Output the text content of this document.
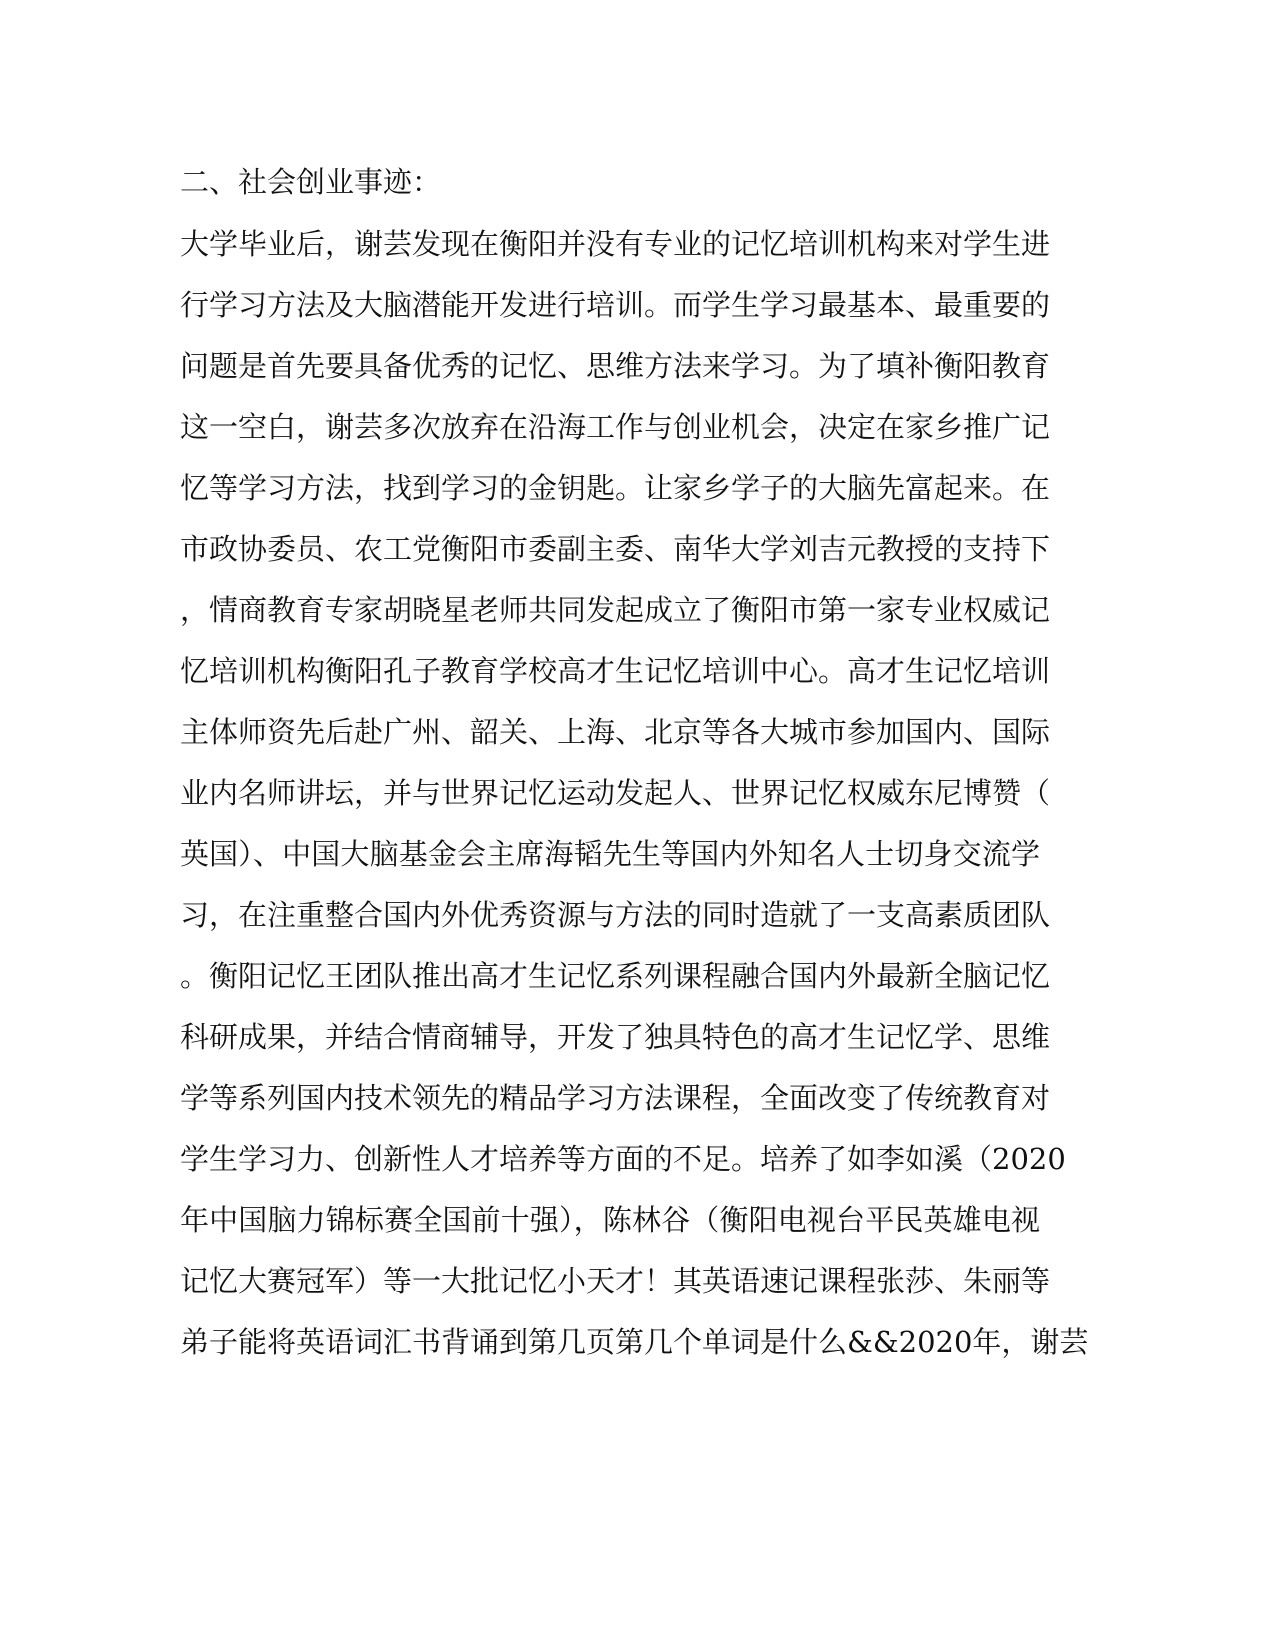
二、社会创业事迹：
大学毕业后，谢芸发现在衡阳并没有专业的记忆培训机构来对学生进
行学习方法及大脑潜能开发进行培训。而学生学习最基本、最重要的
问题是首先要具备优秀的记忆、思维方法来学习。为了填补衡阳教育
这一空白，谢芸多次放弃在沿海工作与创业机会，决定在家乡推广记
忆等学习方法，找到学习的金钥匙。让家乡学子的大脑先富起来。在
市政协委员、农工党衡阳市委副主委、南华大学刘吉元教授的支持下
，情商教育专家胡晓星老师共同发起成立了衡阳市第一家专业权威记
忆培训机构衡阳孔子教育学校高才生记忆培训中心。高才生记忆培训
主体师资先后赴广州、韶关、上海、北京等各大城市参加国内、国际
业内名师讲坛，并与世界记忆运动发起人、世界记忆权威东尼博赞（
英国）、中国大脑基金会主席海韬先生等国内外知名人士切身交流学
习，在注重整合国内外优秀资源与方法的同时造就了一支高素质团队
。衡阳记忆王团队推出高才生记忆系列课程融合国内外最新全脑记忆
科研成果，并结合情商辅导，开发了独具特色的高才生记忆学、思维
学等系列国内技术领先的精品学习方法课程，全面改变了传统教育对
学生学习力、创新性人才培养等方面的不足。培养了如李如溪（2020
年中国脑力锦标赛全国前十强），陈林谷（衡阳电视台平民英雄电视
记忆大赛冠军）等一大批记忆小天才！其英语速记课程张莎、朱丽等
弟子能将英语词汇书背诵到第几页第几个单词是什么&&2020年，谢芸
